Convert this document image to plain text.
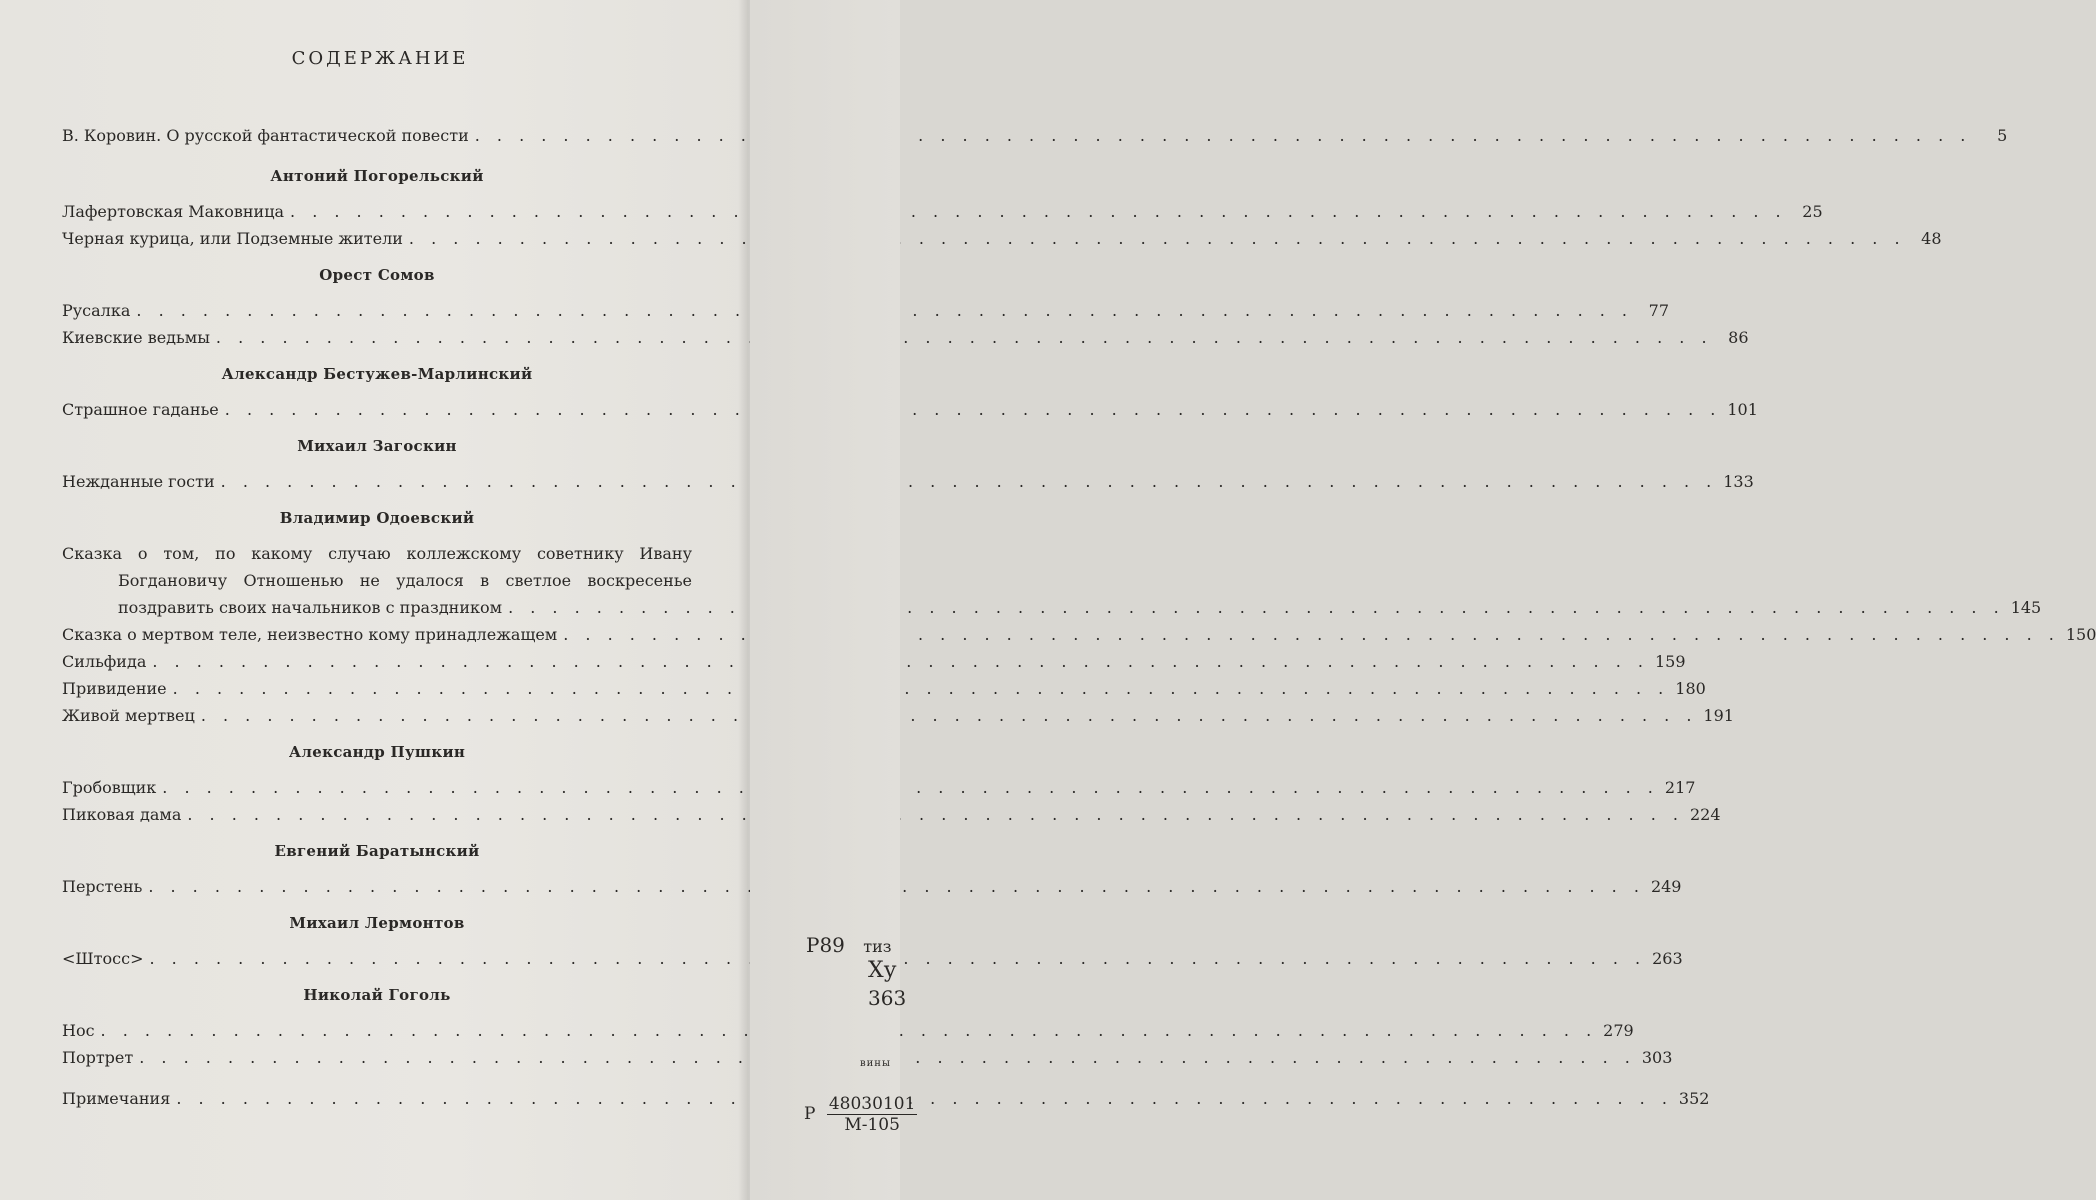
СОДЕРЖАНИЕ
В. Коровин. О русской фантастической повести . . .	5
Антоний Погорельский
Лафертовская Маковница . . .	25
Черная курица, или Подземные жители . . .	48
Орест Сомов
Русалка . . .	77
Киевские ведьмы . . .	86
Александр Бестужев-Марлинский
Страшное гаданье . . .	101
Михаил Загоскин
Нежданные гости . . .	133
Владимир Одоевский
Сказка о том, по какому случаю коллежскому советнику Ивану
Богдановичу Отношенью не удалося в светлое воскресенье
поздравить своих начальников с праздником . . .	145
Сказка о мертвом теле, неизвестно кому принадлежащем . . .	150
Сильфида . . .	159
Привидение . . .	180
Живой мертвец . . .	191
Александр Пушкин
Гробовщик . . .	217
Пиковая дама . . .	224
Евгений Баратынский
Перстень . . .	249
Михаил Лермонтов
<Штосс> . . .	263
Николай Гоголь
Нос . . .	279
Портрет . . .	303
Примечания . . .	352
Р89 тиз
Ху
363
вины
Р $\frac{48030101}{М-105}$
